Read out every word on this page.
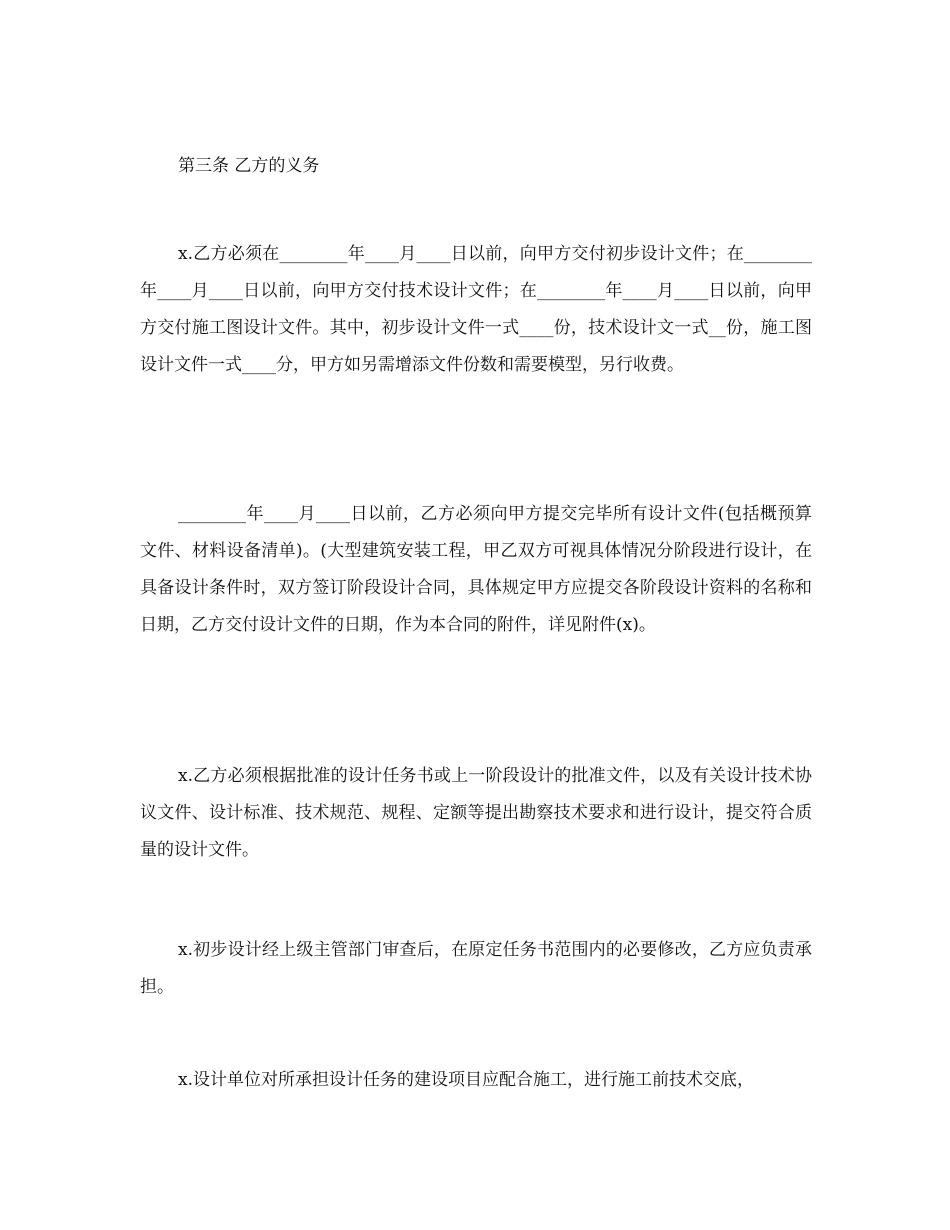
第三条 乙方的义务

x.乙方必须在________年____月____日以前，向甲方交付初步设计文件；在________年____月____日以前，向甲方交付技术设计文件；在________年____月____日以前，向甲方交付施工图设计文件。其中，初步设计文件一式____份，技术设计文一式__份，施工图设计文件一式____分，甲方如另需增添文件份数和需要模型，另行收费。

________年____月____日以前，乙方必须向甲方提交完毕所有设计文件(包括概预算文件、材料设备清单)。(大型建筑安装工程，甲乙双方可视具体情况分阶段进行设计，在具备设计条件时，双方签订阶段设计合同，具体规定甲方应提交各阶段设计资料的名称和日期，乙方交付设计文件的日期，作为本合同的附件，详见附件(x)。

x.乙方必须根据批准的设计任务书或上一阶段设计的批准文件，以及有关设计技术协议文件、设计标准、技术规范、规程、定额等提出勘察技术要求和进行设计，提交符合质量的设计文件。

x.初步设计经上级主管部门审查后，在原定任务书范围内的必要修改，乙方应负责承担。

x.设计单位对所承担设计任务的建设项目应配合施工，进行施工前技术交底，
